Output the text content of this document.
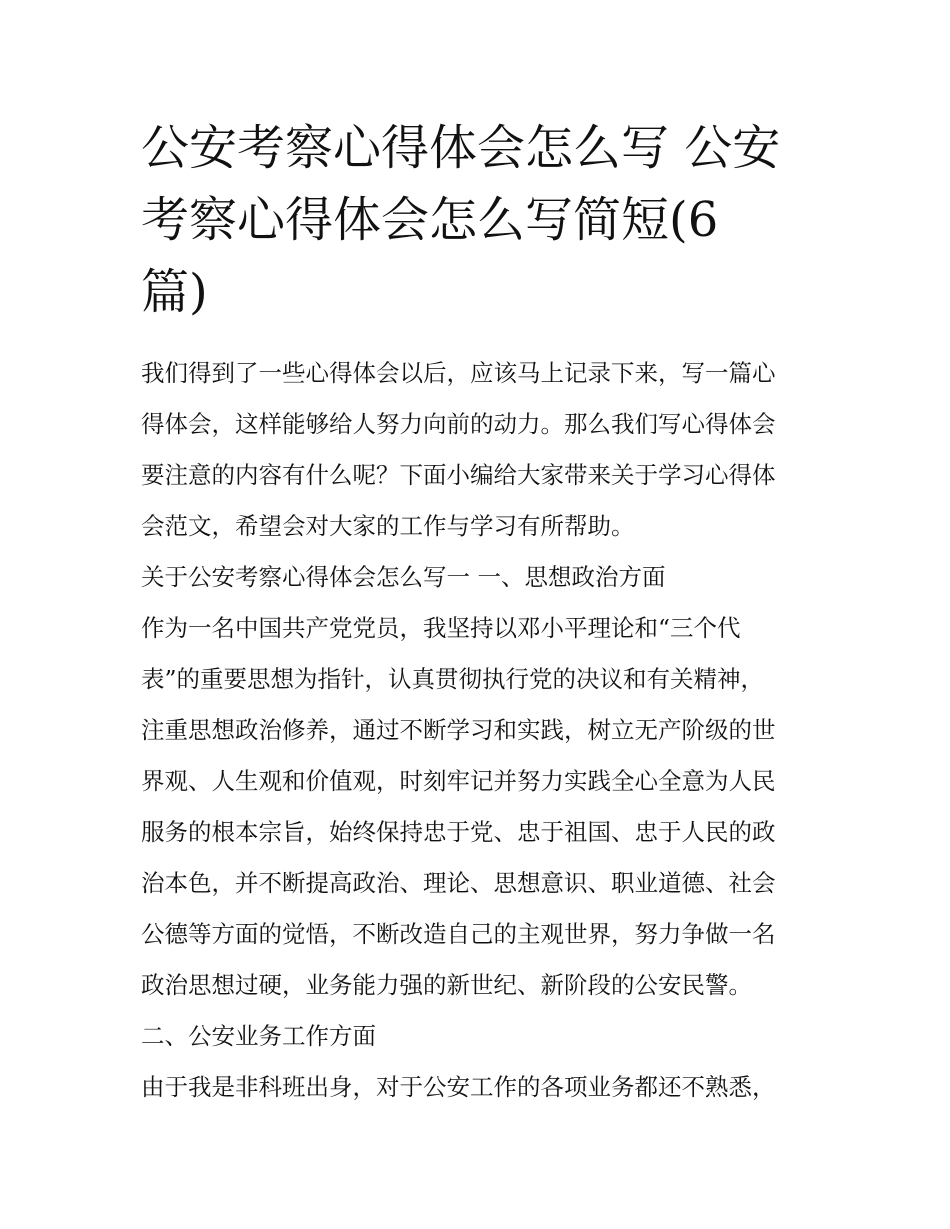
公安考察心得体会怎么写 公安
考察心得体会怎么写简短(6
篇)
我们得到了一些心得体会以后，应该马上记录下来，写一篇心
得体会，这样能够给人努力向前的动力。那么我们写心得体会
要注意的内容有什么呢？下面小编给大家带来关于学习心得体
会范文，希望会对大家的工作与学习有所帮助。
关于公安考察心得体会怎么写一 一、思想政治方面
作为一名中国共产党党员，我坚持以邓小平理论和“三个代
表”的重要思想为指针，认真贯彻执行党的决议和有关精神，
注重思想政治修养，通过不断学习和实践，树立无产阶级的世
界观、人生观和价值观，时刻牢记并努力实践全心全意为人民
服务的根本宗旨，始终保持忠于党、忠于祖国、忠于人民的政
治本色，并不断提高政治、理论、思想意识、职业道德、社会
公德等方面的觉悟，不断改造自己的主观世界，努力争做一名
政治思想过硬，业务能力强的新世纪、新阶段的公安民警。
二、公安业务工作方面
由于我是非科班出身，对于公安工作的各项业务都还不熟悉，
